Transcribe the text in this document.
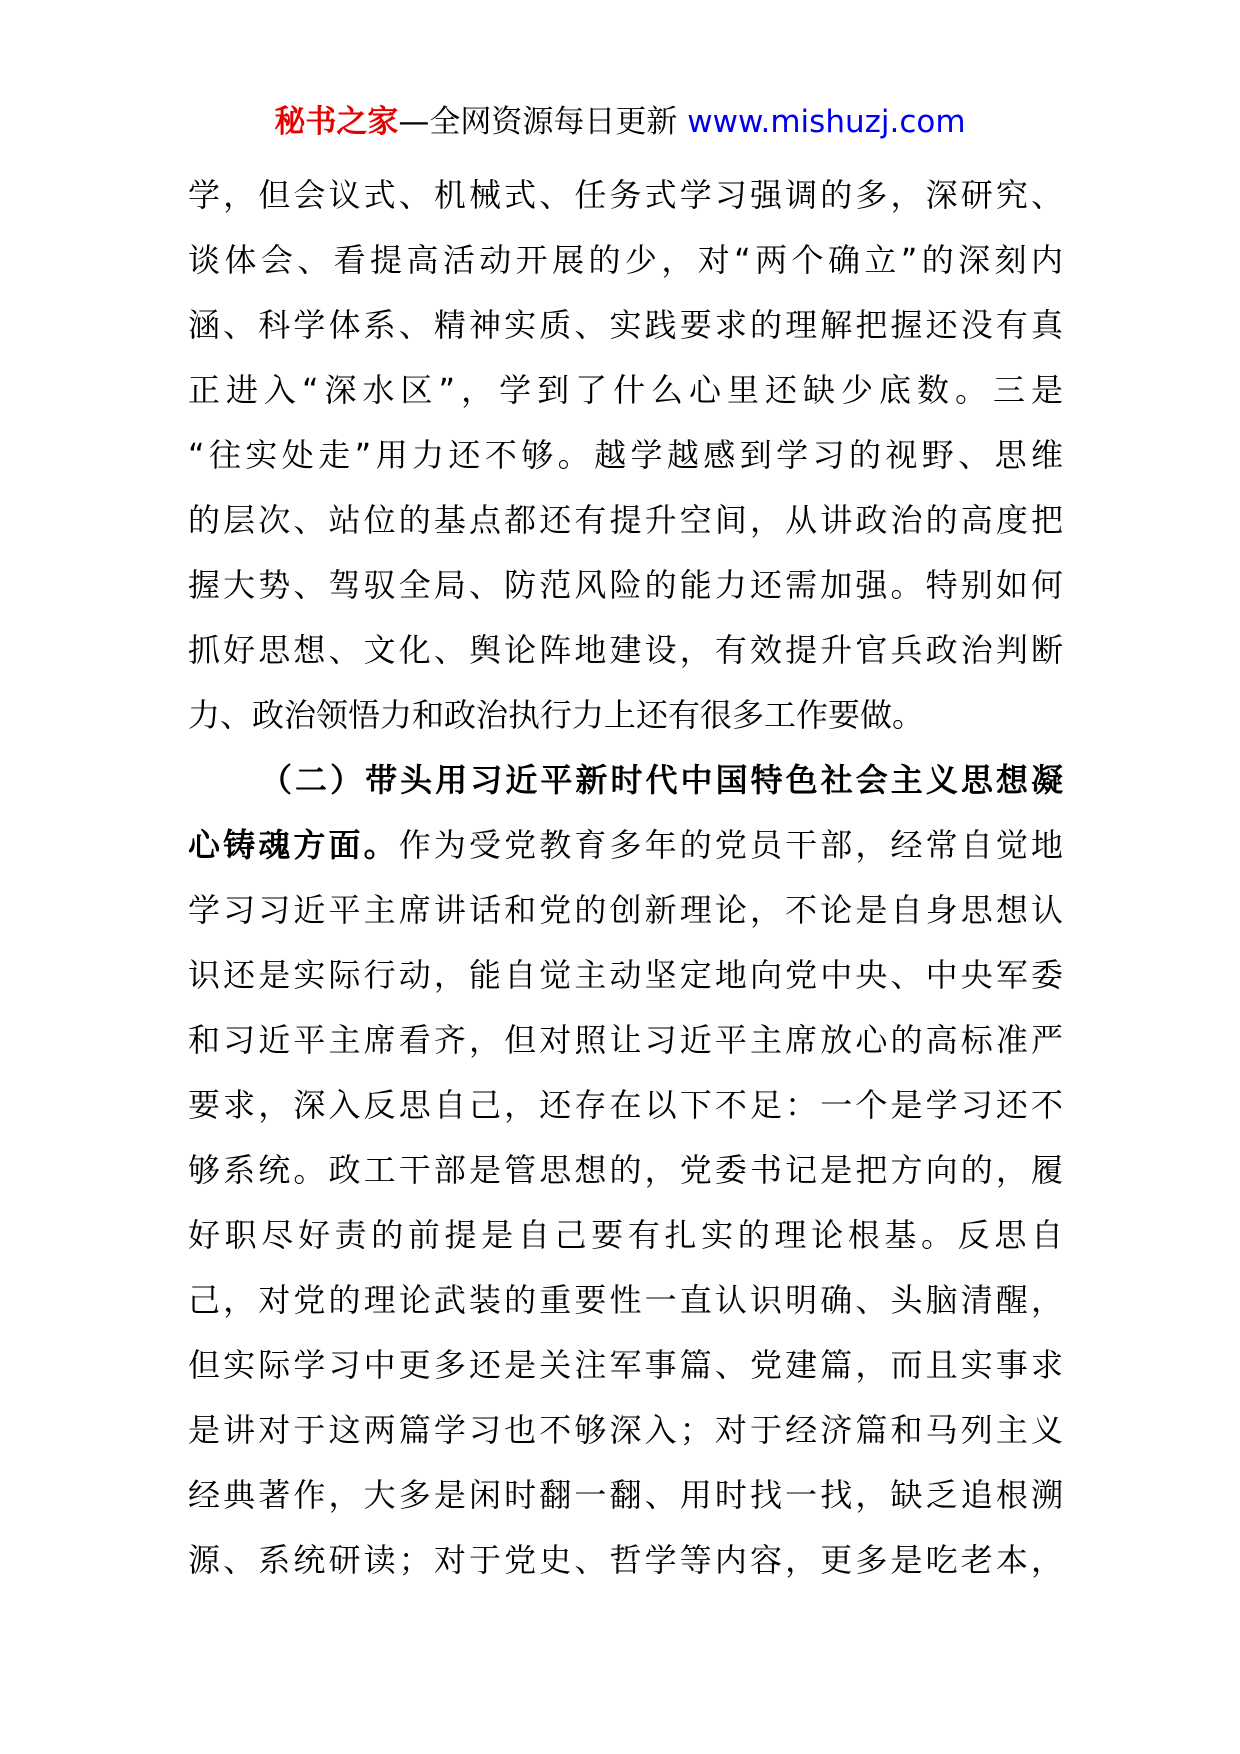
秘书之家—全网资源每日更新 www.mishuzj.com
学，但会议式、机械式、任务式学习强调的多，深研究、
谈体会、看提高活动开展的少，对“两个确立”的深刻内
涵、科学体系、精神实质、实践要求的理解把握还没有真
正进入“深水区”，学到了什么心里还缺少底数。三是
“往实处走”用力还不够。越学越感到学习的视野、思维
的层次、站位的基点都还有提升空间，从讲政治的高度把
握大势、驾驭全局、防范风险的能力还需加强。特别如何
抓好思想、文化、舆论阵地建设，有效提升官兵政治判断
力、政治领悟力和政治执行力上还有很多工作要做。
（二）带头用习近平新时代中国特色社会主义思想凝
心铸魂方面。作为受党教育多年的党员干部，经常自觉地
学习习近平主席讲话和党的创新理论，不论是自身思想认
识还是实际行动，能自觉主动坚定地向党中央、中央军委
和习近平主席看齐，但对照让习近平主席放心的高标准严
要求，深入反思自己，还存在以下不足：一个是学习还不
够系统。政工干部是管思想的，党委书记是把方向的，履
好职尽好责的前提是自己要有扎实的理论根基。反思自
己，对党的理论武装的重要性一直认识明确、头脑清醒，
但实际学习中更多还是关注军事篇、党建篇，而且实事求
是讲对于这两篇学习也不够深入；对于经济篇和马列主义
经典著作，大多是闲时翻一翻、用时找一找，缺乏追根溯
源、系统研读；对于党史、哲学等内容，更多是吃老本，
